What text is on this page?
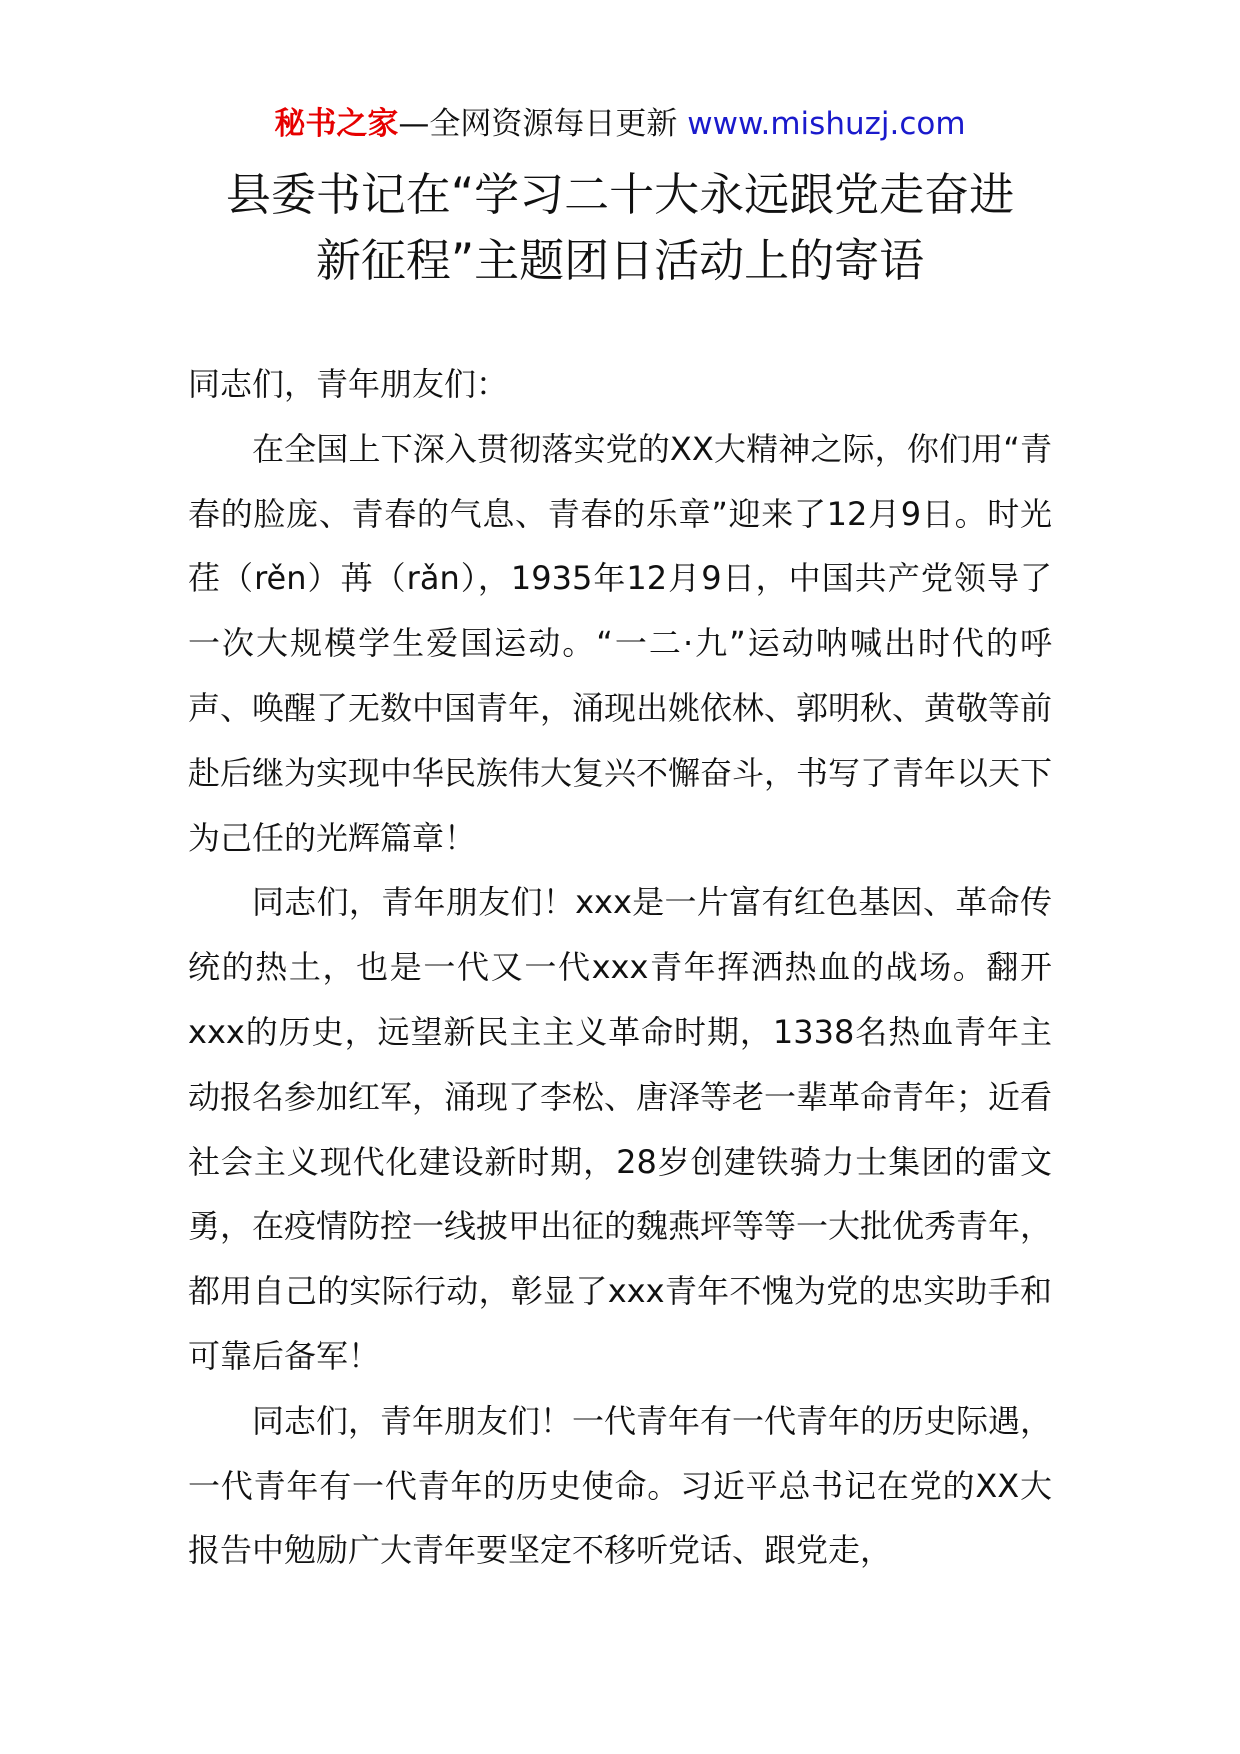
秘书之家—全网资源每日更新 www.mishuzj.com
县委书记在“学习二十大永远跟党走奋进
新征程”主题团日活动上的寄语

同志们，青年朋友们：

在全国上下深入贯彻落实党的XX大精神之际，你们用“青春的脸庞、青春的气息、青春的乐章”迎来了12月9日。时光荏（rěn）苒（rǎn），1935年12月9日，中国共产党领导了一次大规模学生爱国运动。“一二·九”运动呐喊出时代的呼声、唤醒了无数中国青年，涌现出姚依林、郭明秋、黄敬等前赴后继为实现中华民族伟大复兴不懈奋斗，书写了青年以天下为己任的光辉篇章！

同志们，青年朋友们！xxx是一片富有红色基因、革命传统的热土，也是一代又一代xxx青年挥洒热血的战场。翻开xxx的历史，远望新民主主义革命时期，1338名热血青年主动报名参加红军，涌现了李松、唐泽等老一辈革命青年；近看社会主义现代化建设新时期，28岁创建铁骑力士集团的雷文勇，在疫情防控一线披甲出征的魏燕坪等等一大批优秀青年，都用自己的实际行动，彰显了xxx青年不愧为党的忠实助手和可靠后备军！

同志们，青年朋友们！一代青年有一代青年的历史际遇，一代青年有一代青年的历史使命。习近平总书记在党的XX大报告中勉励广大青年要坚定不移听党话、跟党走，
